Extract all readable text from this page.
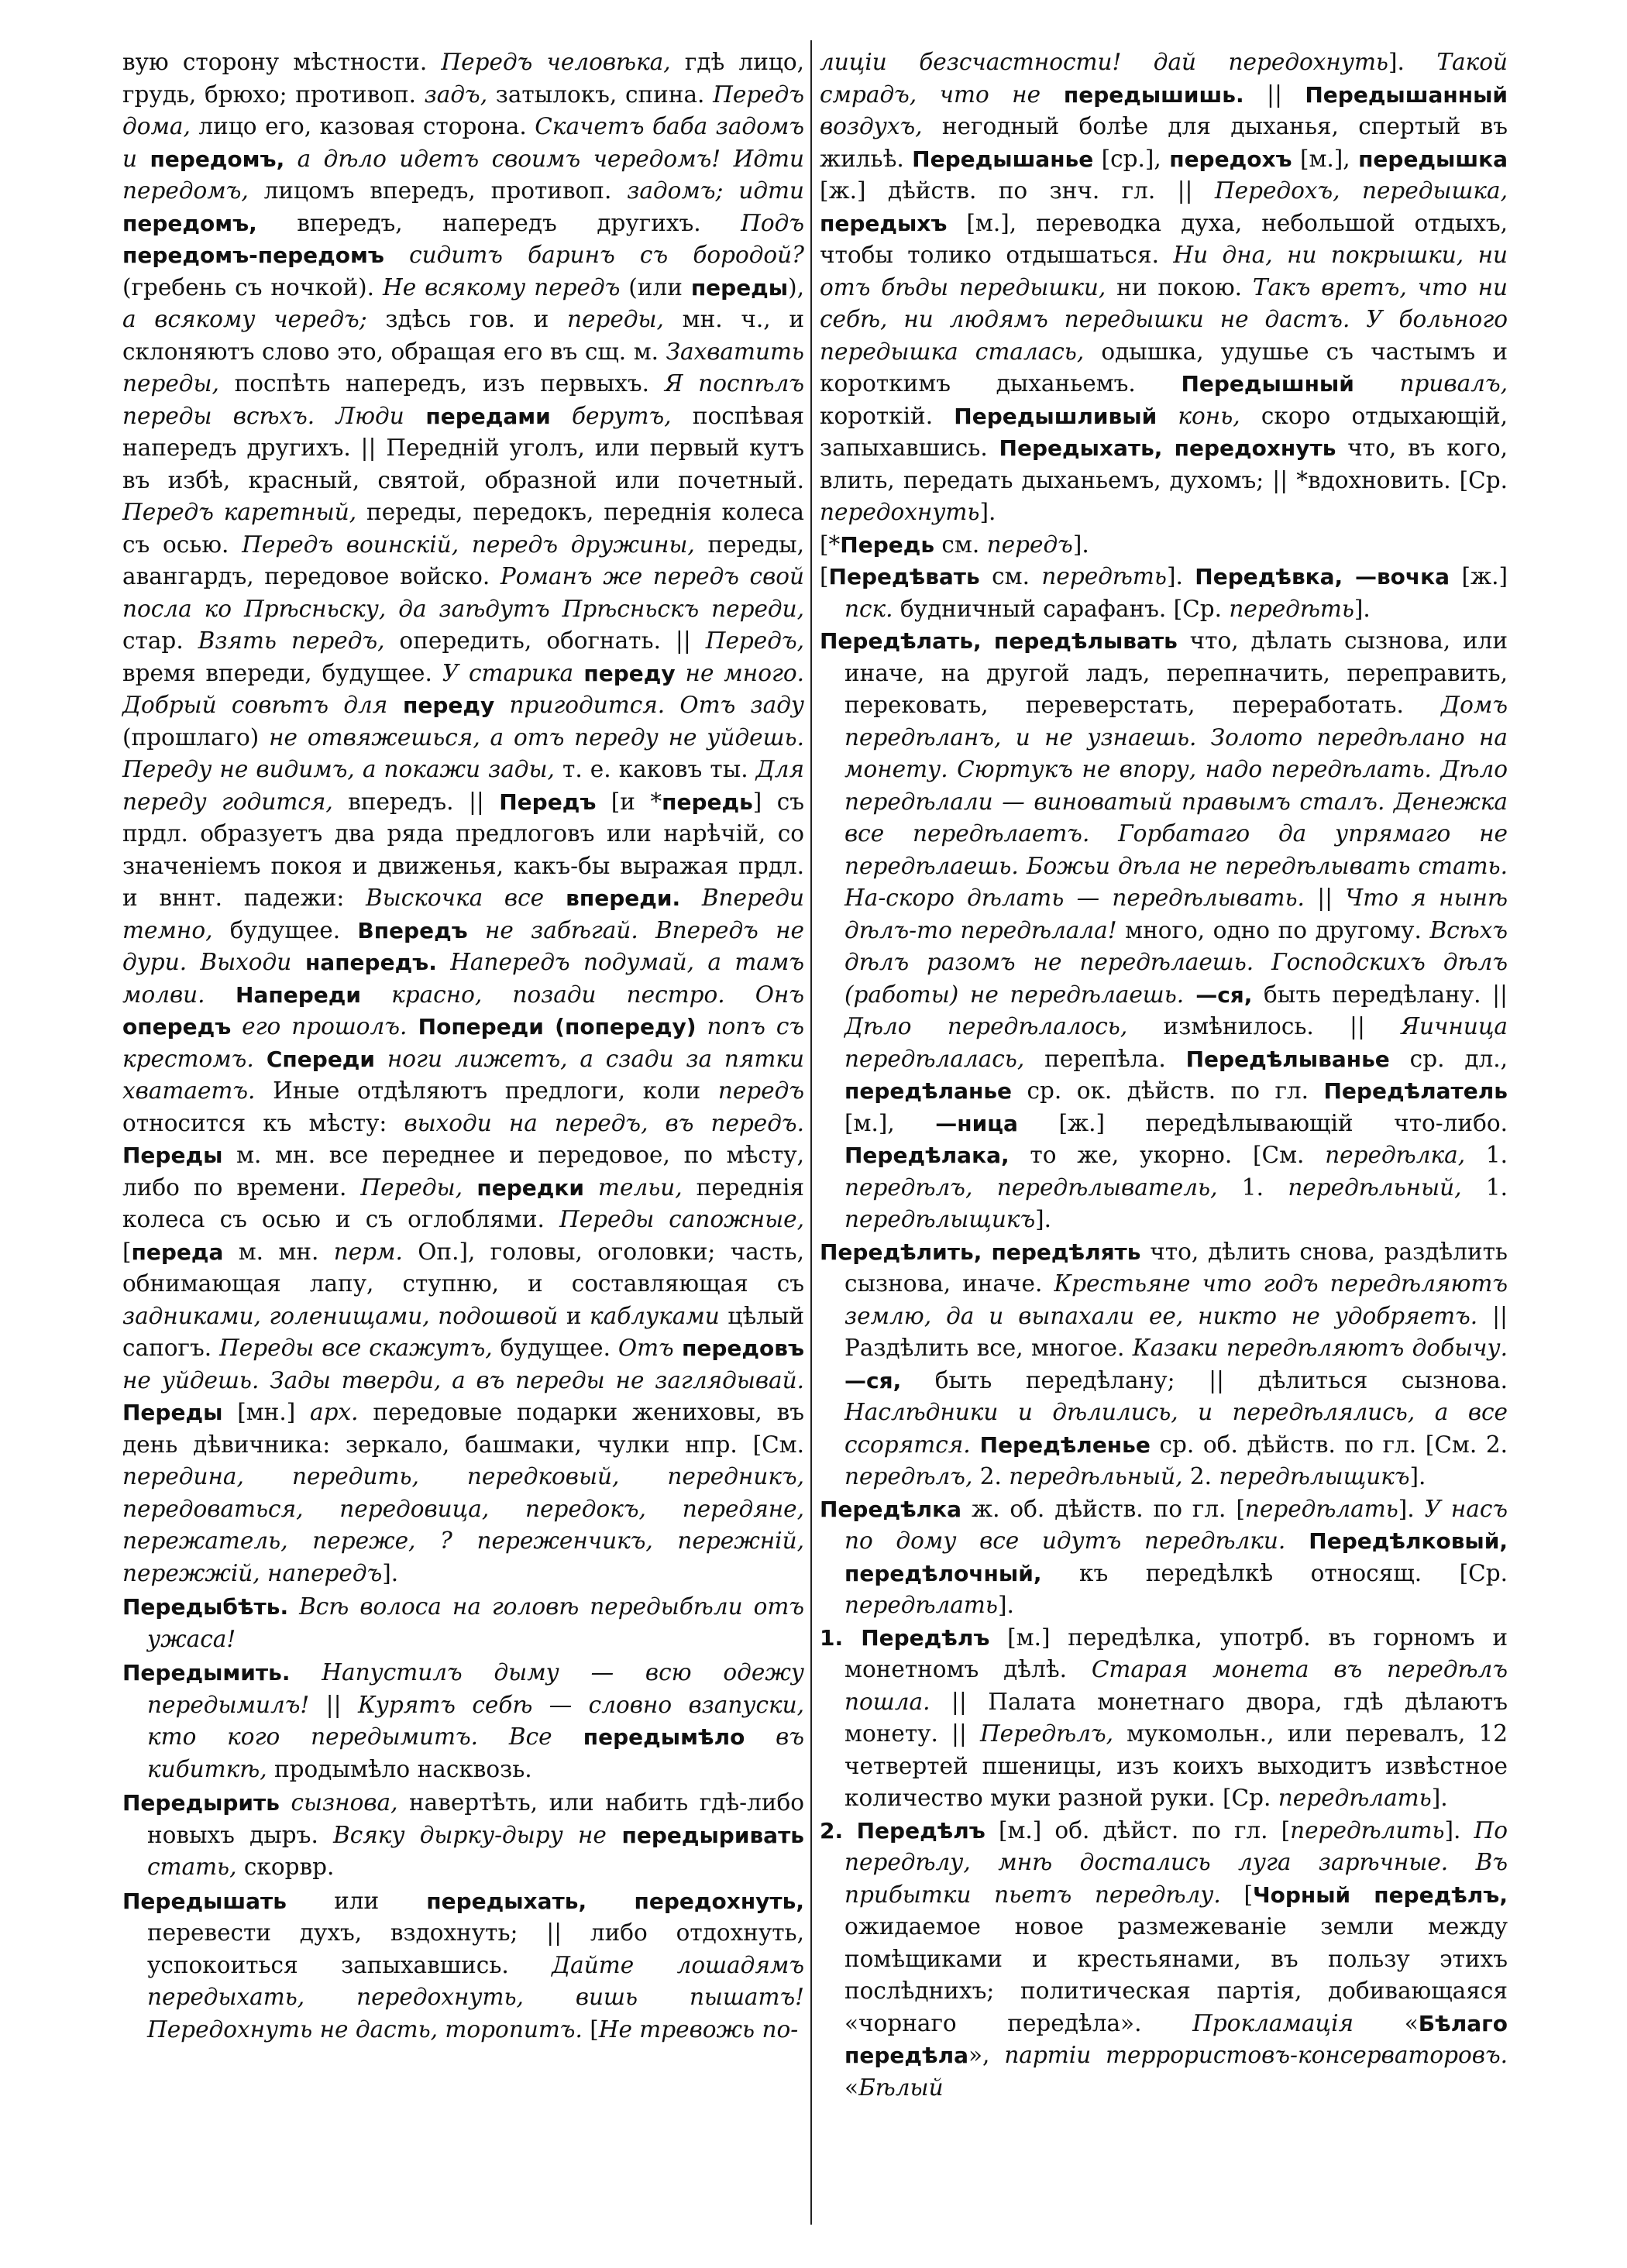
вую сторону мѣстности. Передъ человѣка, гдѣ лицо, грудь, брюхо; противоп. задъ, затылокъ, спина. Передъ дома, лицо его, казовая сторона. Скачетъ баба задомъ и передомъ, а дѣло идетъ своимъ чередомъ! Идти передомъ, лицомъ впередъ, противоп. задомъ; идти передомъ, впередъ, напередъ другихъ. Подъ передомъ-передомъ сидитъ баринъ съ бородой? (гребень съ ночкой). Не всякому передъ (или переды), а всякому чередъ; здѣсь гов. и переды, мн. ч., и склоняютъ слово это, обращая его въ сщ. м. Захватить переды, поспѣть напередъ, изъ первыхъ. Я поспѣлъ переды всѣхъ. Люди передами берутъ, поспѣвая напередъ другихъ. || Передній уголъ, или первый кутъ въ избѣ, красный, святой, образной или почетный. Передъ каретный, переды, передокъ, переднія колеса съ осью. Передъ воинскій, передъ дружины, переды, авангардъ, передовое войско. Романъ же передъ свой посла ко Прѣсньску, да заѣдутъ Прѣсньскъ переди, стар. Взять передъ, опередить, обогнать. || Передъ, время впереди, будущее. У старика переду не много. Добрый совѣтъ для переду пригодится. Отъ заду (прошлаго) не отвяжешься, а отъ переду не уйдешь. Переду не видимъ, а покажи зады, т. е. каковъ ты. Для переду годится, впередъ. || Передъ [и *передь] съ прдл. образуетъ два ряда предлоговъ или нарѣчій, со значеніемъ покоя и движенья, какъ-бы выражая прдл. и вннт. падежи: Выскочка все впереди. Впереди темно, будущее. Впередъ не забѣгай. Впередъ не дури. Выходи напередъ. Напередъ подумай, а тамъ молви. Напереди красно, позади пестро. Онъ опередъ его прошолъ. Попереди (попереду) попъ съ крестомъ. Спереди ноги лижетъ, а сзади за пятки хватаетъ. Иные отдѣляютъ предлоги, коли передъ относится къ мѣсту: выходи на передъ, въ передъ. Переды м. мн. все переднее и передовое, по мѣсту, либо по времени. Переды, передки тельи, переднія колеса съ осью и съ оглоблями. Переды сапожные, [переда м. мн. перм. Оп.], головы, оголовки; часть, обнимающая лапу, ступню, и составляющая съ задниками, голенищами, подошвой и каблуками цѣлый сапогъ. Переды все скажутъ, будущее. Отъ передовъ не уйдешь. Зады тверди, а въ переды не заглядывай. Переды [мн.] арх. передовые подарки жениховы, въ день дѣвичника: зеркало, башмаки, чулки нпр. [См. передина, передить, передковый, передникъ, передоваться, передовица, передокъ, передяне, пережатель, переже, ? переженчикъ, пережній, пережжій, напередъ].

Передыбѣть. Всѣ волоса на головѣ передыбѣли отъ ужаса!

Передымить. Напустилъ дыму — всю одежу передымилъ! || Курятъ себѣ — словно взапуски, кто кого передымитъ. Все передымѣло въ кибиткѣ, продымѣло насквозь.

Передырить сызнова, навертѣть, или набить гдѣ-либо новыхъ дыръ. Всяку дырку-дыру не передыривать стать, скорвр.

Передышать или передыхать, передохнуть, перевести духъ, вздохнуть; || либо отдохнуть, успокоиться запыхавшись. Дайте лошадямъ передыхать, передохнуть, вишь пышатъ! Передохнуть не дасть, торопитъ. [Не тревожь по-

лиціи безсчастности! дай передохнуть]. Такой смрадъ, что не передышишь. || Передышанный воздухъ, негодный болѣе для дыханья, спертый въ жильѣ. Передышанье [ср.], передохъ [м.], передышка [ж.] дѣйств. по знч. гл. || Передохъ, передышка, передыхъ [м.], переводка духа, небольшой отдыхъ, чтобы толико отдышаться. Ни дна, ни покрышки, ни отъ бѣды передышки, ни покою. Такъ вретъ, что ни себѣ, ни людямъ передышки не дастъ. У больного передышка сталась, одышка, удушье съ частымъ и короткимъ дыханьемъ. Передышный привалъ, короткій. Передышливый конь, скоро отдыхающій, запыхавшись. Передыхать, передохнуть что, въ кого, влить, передать дыханьемъ, духомъ; || *вдохновить. [Ср. передохнуть].

[*Передь см. передъ].

[Передѣвать см. передѣть]. Передѣвка, —вочка [ж.] пск. будничный сарафанъ. [Ср. передѣть].

Передѣлать, передѣлывать что, дѣлать сызнова, или иначе, на другой ладъ, перепначить, переправить, перековать, переверстать, переработать. Домъ передѣланъ, и не узнаешь. Золото передѣлано на монету. Сюртукъ не впору, надо передѣлать. Дѣло передѣлали — виноватый правымъ сталъ. Денежка все передѣлаетъ. Горбатаго да упрямаго не передѣлаешь. Божьи дѣла не передѣлывать стать. На-скоро дѣлать — передѣлывать. || Что я нынѣ дѣлъ-то передѣлала! много, одно по другому. Всѣхъ дѣлъ разомъ не передѣлаешь. Господскихъ дѣлъ (работы) не передѣлаешь. —ся, быть передѣлану. || Дѣло передѣлалось, измѣнилось. || Яичница передѣлалась, перепѣла. Передѣлыванье ср. дл., передѣланье ср. ок. дѣйств. по гл. Передѣлатель [м.], —ница [ж.] передѣлывающій что-либо. Передѣлака, то же, укорно. [См. передѣлка, 1. передѣлъ, передѣлыватель, 1. передѣльный, 1. передѣлыщикъ].

Передѣлить, передѣлять что, дѣлить снова, раздѣлить сызнова, иначе. Крестьяне что годъ передѣляютъ землю, да и выпахали ее, никто не удобряетъ. || Раздѣлить все, многое. Казаки передѣляютъ добычу. —ся, быть передѣлану; || дѣлиться сызнова. Наслѣдники и дѣлились, и передѣлялись, а все ссорятся. Передѣленье ср. об. дѣйств. по гл. [См. 2. передѣлъ, 2. передѣльный, 2. передѣлыщикъ].

Передѣлка ж. об. дѣйств. по гл. [передѣлать]. У насъ по дому все идутъ передѣлки. Передѣлковый, передѣлочный, къ передѣлкѣ относящ. [Ср. передѣлать].

1. Передѣлъ [м.] передѣлка, употрб. въ горномъ и монетномъ дѣлѣ. Старая монета въ передѣлъ пошла. || Палата монетнаго двора, гдѣ дѣлаютъ монету. || Передѣлъ, мукомольн., или перевалъ, 12 четвертей пшеницы, изъ коихъ выходитъ извѣстное количество муки разной руки. [Ср. передѣлать].

2. Передѣлъ [м.] об. дѣйст. по гл. [передѣлить]. По передѣлу, мнѣ достались луга зарѣчные. Въ прибытки пьетъ передѣлу. [Чорный передѣлъ, ожидаемое новое размежеваніе земли между помѣщиками и крестьянами, въ пользу этихъ послѣднихъ; политическая партія, добивающаяся «чорнаго передѣла». Прокламація «Бѣлаго передѣла», партіи террористовъ-консерваторовъ. «Бѣлый
